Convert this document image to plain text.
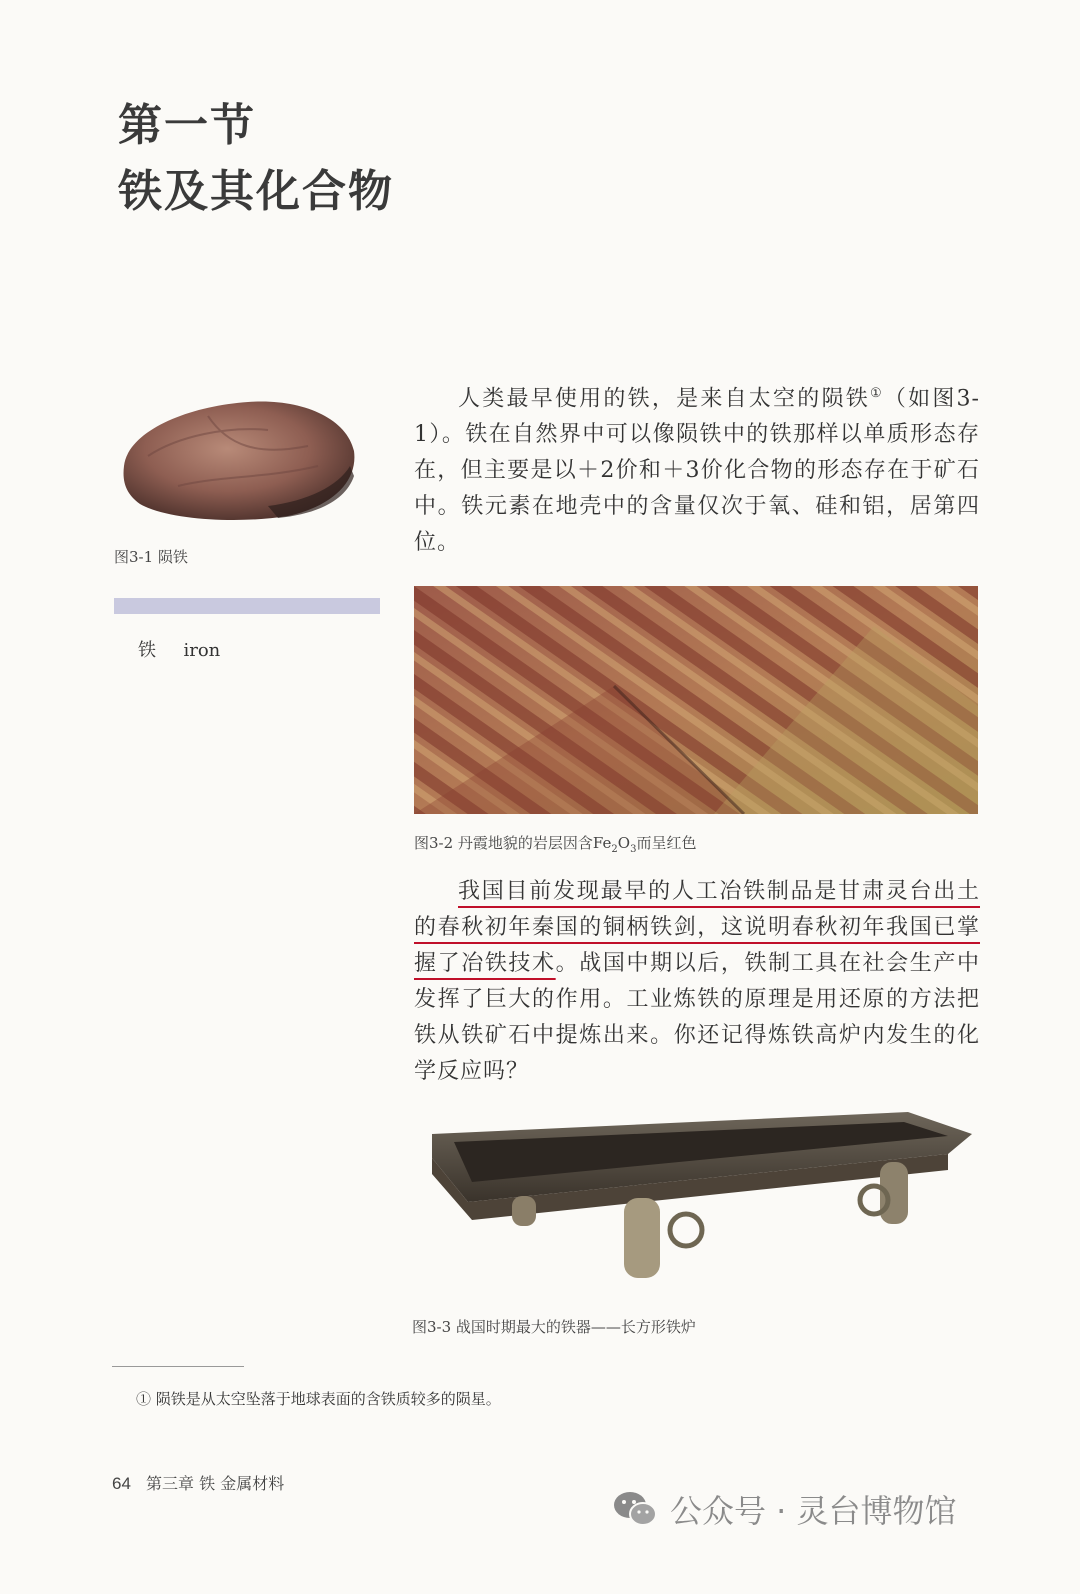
第一节
铁及其化合物
图3-1 陨铁
铁 iron
人类最早使用的铁，是来自太空的陨铁①（如图3-1）。铁在自然界中可以像陨铁中的铁那样以单质形态存在，但主要是以＋2价和＋3价化合物的形态存在于矿石中。铁元素在地壳中的含量仅次于氧、硅和铝，居第四位。
图3-2 丹霞地貌的岩层因含$Fe_2O_3$而呈红色
我国目前发现最早的人工冶铁制品是甘肃灵台出土的春秋初年秦国的铜柄铁剑，这说明春秋初年我国已掌握了冶铁技术。战国中期以后，铁制工具在社会生产中发挥了巨大的作用。工业炼铁的原理是用还原的方法把铁从铁矿石中提炼出来。你还记得炼铁高炉内发生的化学反应吗？
图3-3 战国时期最大的铁器——长方形铁炉
① 陨铁是从太空坠落于地球表面的含铁质较多的陨星。
64 第三章 铁 金属材料
公众号 · 灵台博物馆
